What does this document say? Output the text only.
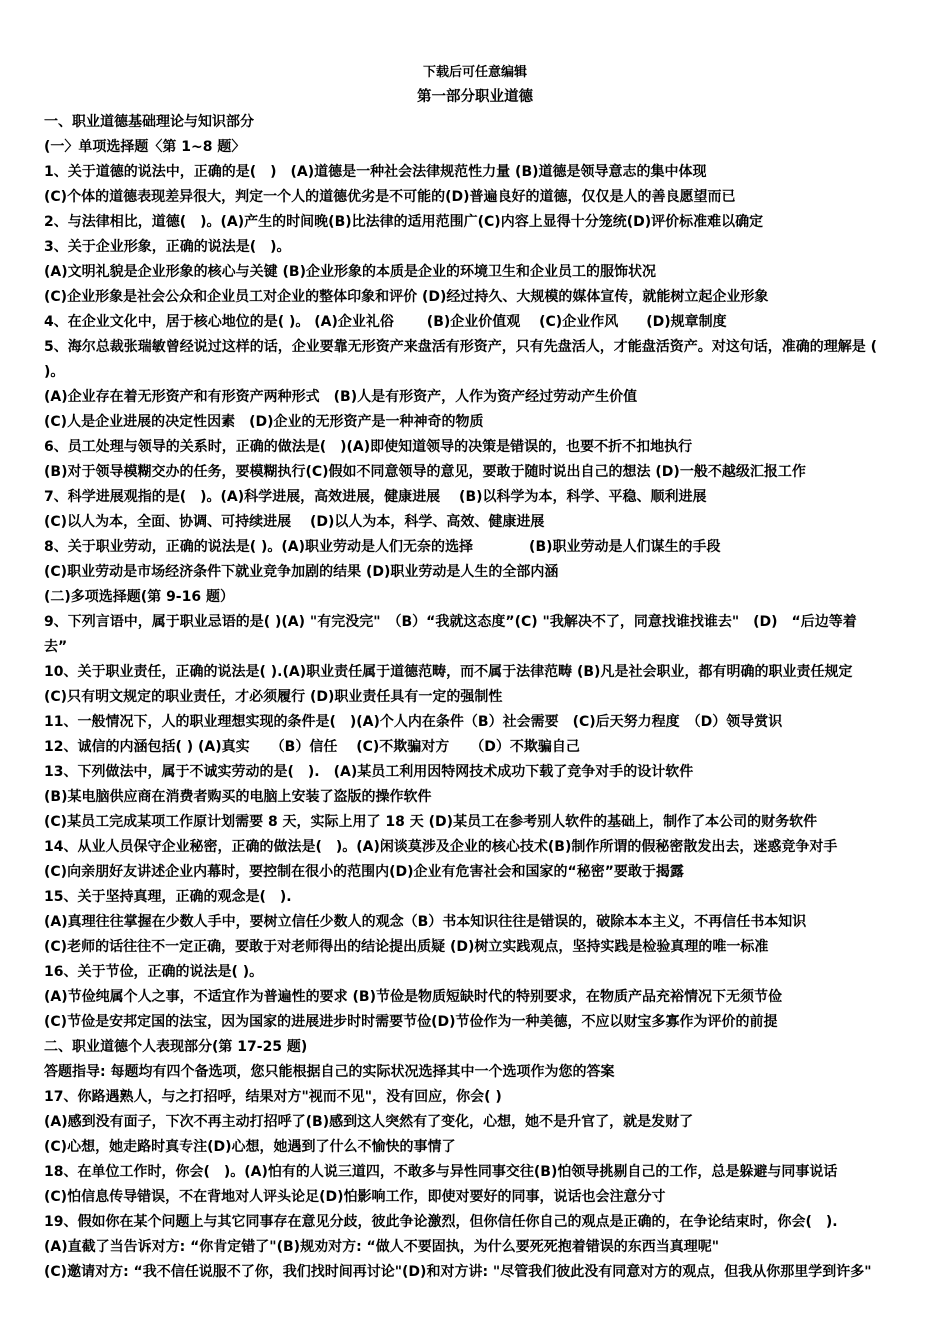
下载后可任意编辑
第一部分职业道德
一、职业道德基础理论与知识部分
(一〉单项选择题〈第 1~8 题〉
1、关于道德的说法中，正确的是(　)　(A)道德是一种社会法律规范性力量 (B)道德是领导意志的集中体现
(C)个体的道德表现差异很大，判定一个人的道德优劣是不可能的(D)普遍良好的道德，仅仅是人的善良愿望而已
2、与法律相比，道德(　)。(A)产生的时间晚(B)比法律的适用范围广(C)内容上显得十分笼统(D)评价标准难以确定
3、关于企业形象，正确的说法是(　)。
(A)文明礼貌是企业形象的核心与关键 (B)企业形象的本质是企业的环境卫生和企业员工的服饰状况
(C)企业形象是社会公众和企业员工对企业的整体印象和评价 (D)经过持久、大规模的媒体宣传，就能树立起企业形象
4、在企业文化中，居于核心地位的是( )。 (A)企业礼俗　　 (B)企业价值观　 (C)企业作风　　(D)规章制度
5、海尔总裁张瑞敏曾经说过这样的话，企业要靠无形资产来盘活有形资产，只有先盘活人，才能盘活资产。对这句话，准确的理解是 (
)。
(A)企业存在着无形资产和有形资产两种形式　(B)人是有形资产，人作为资产经过劳动产生价值
(C)人是企业进展的决定性因素　(D)企业的无形资产是一种神奇的物质
6、员工处理与领导的关系时，正确的做法是(　)(A)即使知道领导的决策是错误的，也要不折不扣地执行
(B)对于领导模糊交办的任务，要模糊执行(C)假如不同意领导的意见，要敢于随时说出自己的想法 (D)一般不越级汇报工作
7、科学进展观指的是(　)。(A)科学进展，高效进展，健康进展　 (B)以科学为本，科学、平稳、顺利进展
(C)以人为本，全面、协调、可持续进展　 (D)以人为本，科学、高效、健康进展
8、关于职业劳动，正确的说法是( )。(A)职业劳动是人们无奈的选择　　　　(B)职业劳动是人们谋生的手段
(C)职业劳动是市场经济条件下就业竞争加剧的结果 (D)职业劳动是人生的全部内涵
(二)多项选择题(第 9-16 题）
9、下列言语中，属于职业忌语的是( )(A) "有完没完"　（B）“我就这态度”(C) "我解决不了，同意找谁找谁去"　(D)　“后边等着
去”
10、关于职业责任，正确的说法是( ).(A)职业责任属于道德范畴，而不属于法律范畴 (B)凡是社会职业，都有明确的职业责任规定
(C)只有明文规定的职业责任，才必须履行 (D)职业责任具有一定的强制性
11、一般情况下，人的职业理想实现的条件是(　)(A)个人内在条件（B）社会需要　(C)后天努力程度　（D）领导赏识
12、诚信的内涵包括( ) (A)真实　　（B）信任　 (C)不欺骗对方　　（D）不欺骗自己
13、下列做法中，属于不诚实劳动的是(　).　(A)某员工利用因特网技术成功下载了竞争对手的设计软件
(B)某电脑供应商在消费者购买的电脑上安装了盗版的操作软件
(C)某员工完成某项工作原计划需要 8 天，实际上用了 18 天 (D)某员工在参考别人软件的基础上，制作了本公司的财务软件
14、从业人员保守企业秘密，正确的做法是(　)。(A)闲谈莫涉及企业的核心技术(B)制作所谓的假秘密散发出去，迷惑竞争对手
(C)向亲朋好友讲述企业内幕时，要控制在很小的范围内(D)企业有危害社会和国家的“秘密”要敢于揭露
15、关于坚持真理，正确的观念是(　).
(A)真理往往掌握在少数人手中，要树立信任少数人的观念（B）书本知识往往是错误的，破除本本主义，不再信任书本知识
(C)老师的话往往不一定正确，要敢于对老师得出的结论提出质疑 (D)树立实践观点，坚持实践是检验真理的唯一标准
16、关于节俭，正确的说法是( )。
(A)节俭纯属个人之事，不适宜作为普遍性的要求 (B)节俭是物质短缺时代的特别要求，在物质产品充裕情况下无须节俭
(C)节俭是安邦定国的法宝，因为国家的进展进步时时需要节俭(D)节俭作为一种美德，不应以财宝多寡作为评价的前提
二、职业道德个人表现部分(第 17-25 题)
答题指导: 每题均有四个备选项，您只能根据自己的实际状况选择其中一个选项作为您的答案
17、你路遇熟人，与之打招呼，结果对方"视而不见"，没有回应，你会( )
(A)感到没有面子，下次不再主动打招呼了(B)感到这人突然有了变化，心想，她不是升官了，就是发财了
(C)心想，她走路时真专注(D)心想，她遇到了什么不愉快的事情了
18、在单位工作时，你会(　)。(A)怕有的人说三道四，不敢多与异性同事交往(B)怕领导挑剔自己的工作，总是躲避与同事说话
(C)怕信息传导错误，不在背地对人评头论足(D)怕影响工作，即使对要好的同事，说话也会注意分寸
19、假如你在某个问题上与其它同事存在意见分歧，彼此争论激烈，但你信任你自己的观点是正确的，在争论结束时，你会(　).
(A)直截了当告诉对方: “你肯定错了"(B)规劝对方: “做人不要固执，为什么要死死抱着错误的东西当真理呢"
(C)邀请对方: “我不信任说服不了你，我们找时间再讨论"(D)和对方讲: "尽管我们彼此没有同意对方的观点，但我从你那里学到许多"
